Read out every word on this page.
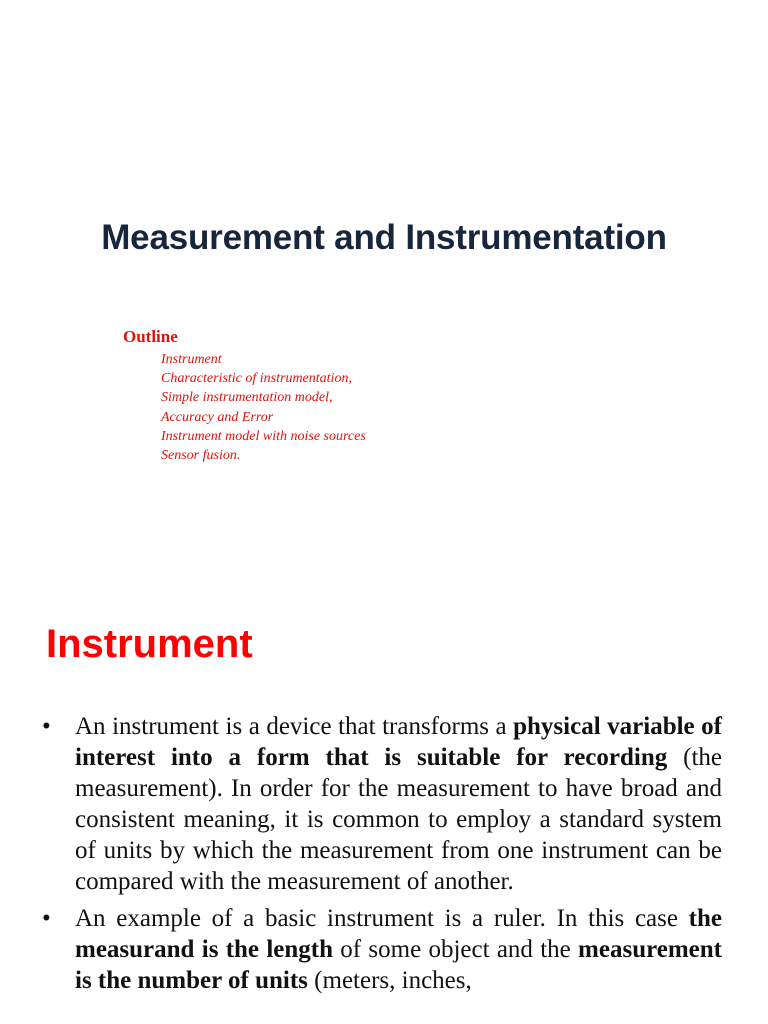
Measurement and Instrumentation
Outline
Instrument
Characteristic of instrumentation,
Simple instrumentation model,
Accuracy and Error
Instrument model with noise sources
Sensor fusion.
Instrument
• An instrument is a device that transforms a physical variable of interest into a form that is suitable for recording (the measurement). In order for the measurement to have broad and consistent meaning, it is common to employ a standard system of units by which the measurement from one instrument can be compared with the measurement of another.
• An example of a basic instrument is a ruler. In this case the measurand is the length of some object and the measurement is the number of units (meters, inches,
